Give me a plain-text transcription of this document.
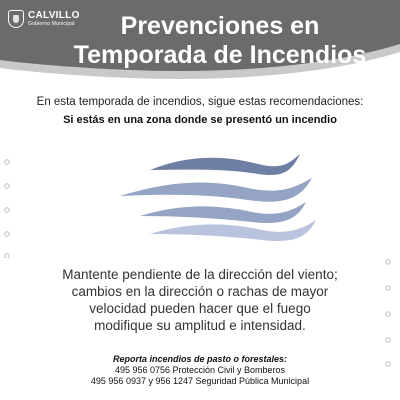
CALVILLO
Gobierno Municipal	Prevenciones en
Temporada de Incendios
En esta temporada de incendios, sigue estas recomendaciones:
Si estás en una zona donde se presentó un incendio
Mantente pendiente de la dirección del viento;
cambios en la dirección o rachas de mayor
velocidad pueden hacer que el fuego
modifique su amplitud e intensidad.
Reporta incendios de pasto o forestales:
495 956 0756 Protección Civil y Bomberos
495 956 0937 y 956 1247 Seguridad Pública Municipal
